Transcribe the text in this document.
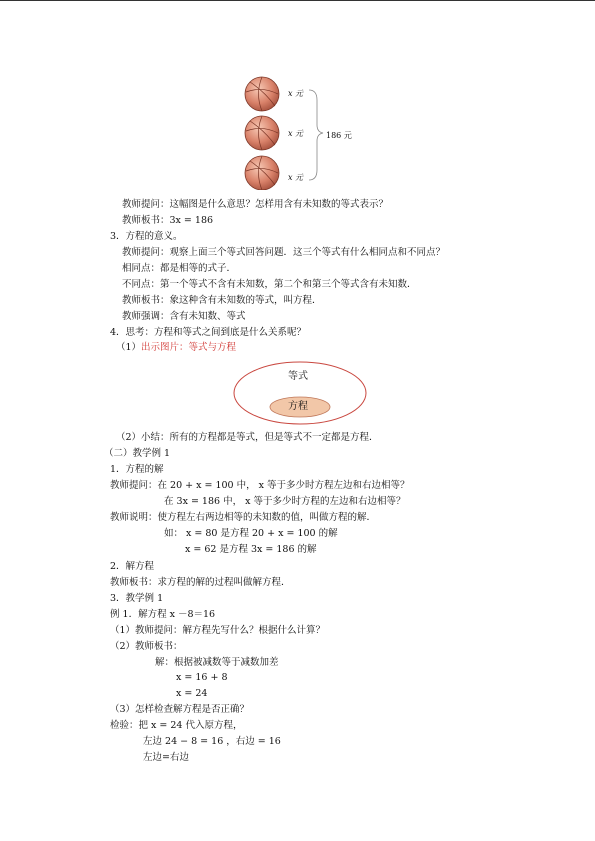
x 元
x 元
x 元
186 元
教师提问：这幅图是什么意思？怎样用含有未知数的等式表示？
教师板书：3x = 186
3．方程的意义。
教师提问：观察上面三个等式回答问题．这三个等式有什么相同点和不同点？
相同点：都是相等的式子．
不同点：第一个等式不含有未知数，第二个和第三个等式含有未知数．
教师板书：象这种含有未知数的等式，叫方程．
教师强调：含有未知数、等式
4．思考：方程和等式之间到底是什么关系呢？
（1）出示图片：等式与方程
等式
方程
（2）小结：所有的方程都是等式，但是等式不一定都是方程．
（二）教学例 1
1．方程的解
教师提问：在 20 + x = 100 中， x 等于多少时方程左边和右边相等？
在 3x = 186 中， x 等于多少时方程的左边和右边相等？
教师说明：使方程左右两边相等的未知数的值，叫做方程的解．
如： x = 80 是方程 20 + x = 100 的解
x = 62 是方程 3x = 186 的解
2．解方程
教师板书：求方程的解的过程叫做解方程．
3．教学例 1
例 1．解方程 x －8＝16
（1）教师提问：解方程先写什么？根据什么计算？
（2）教师板书：
解：根据被减数等于减数加差
x = 16 + 8
x = 24
（3）怎样检查解方程是否正确？
检验：把 x = 24 代入原方程，
左边 24 − 8 = 16 ，右边 = 16
左边=右边
